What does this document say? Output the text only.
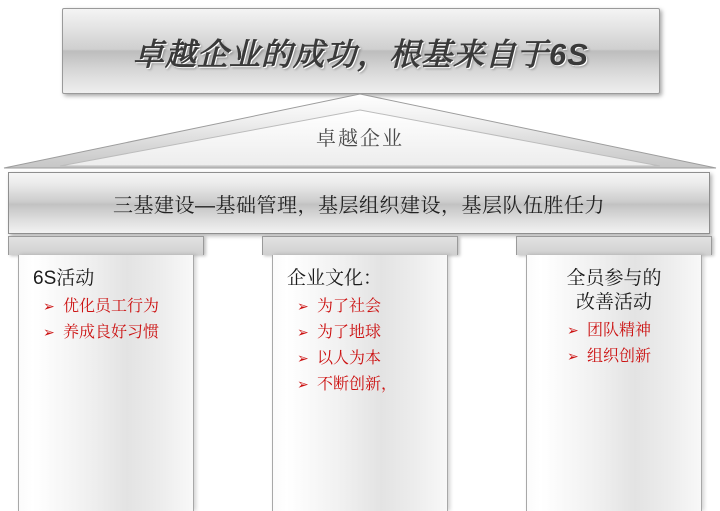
卓越企业的成功，根基来自于6S
卓越企业
三基建设—基础管理，基层组织建设，基层队伍胜任力
6S活动
➢ 优化员工行为
➢ 养成良好习惯
企业文化：
➢ 为了社会
➢ 为了地球
➢ 以人为本
➢ 不断创新，
全员参与的
改善活动
➢ 团队精神
➢ 组织创新
